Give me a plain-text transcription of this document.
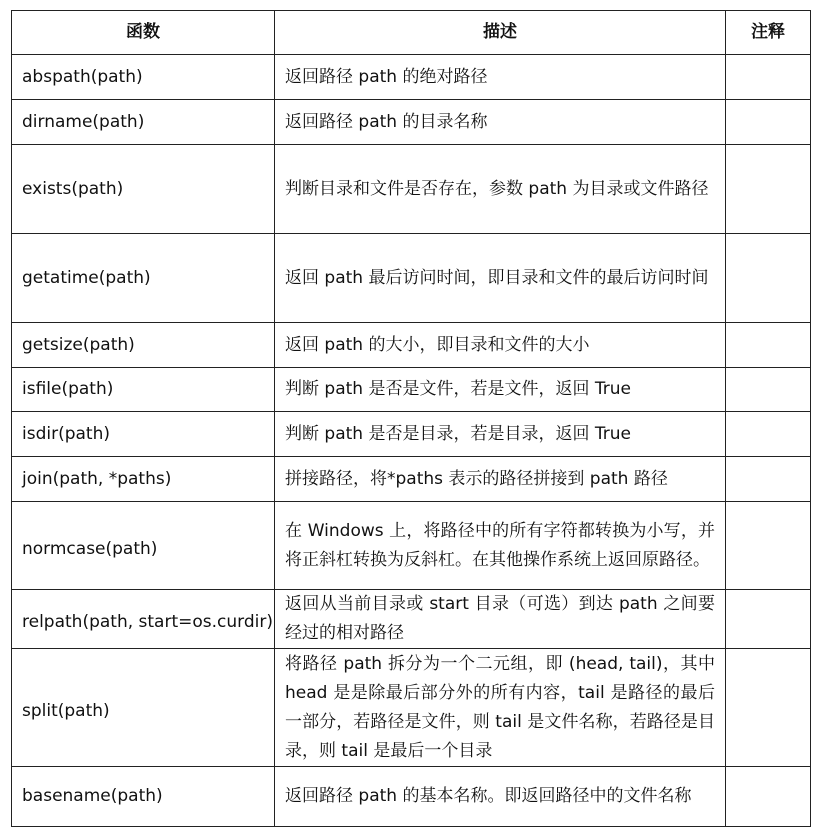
函数	描述	注释
abspath(path)	返回路径 path 的绝对路径	
dirname(path)	返回路径 path 的目录名称	
exists(path)	判断目录和文件是否存在，参数 path 为目录或文件路径	
getatime(path)	返回 path 最后访问时间，即目录和文件的最后访问时间	
getsize(path)	返回 path 的大小，即目录和文件的大小	
isfile(path)	判断 path 是否是文件，若是文件，返回 True	
isdir(path)	判断 path 是否是目录，若是目录，返回 True	
join(path, *paths)	拼接路径，将*paths 表示的路径拼接到 path 路径	
normcase(path)	在 Windows 上，将路径中的所有字符都转换为小写，并将正斜杠转换为反斜杠。在其他操作系统上返回原路径。	
relpath(path, start=os.curdir)	返回从当前目录或 start 目录（可选）到达 path 之间要经过的相对路径	
split(path)	将路径 path 拆分为一个二元组，即 (head, tail)，其中 head 是是除最后部分外的所有内容，tail 是路径的最后一部分，若路径是文件，则 tail 是文件名称，若路径是目录，则 tail 是最后一个目录	
basename(path)	返回路径 path 的基本名称。即返回路径中的文件名称	
